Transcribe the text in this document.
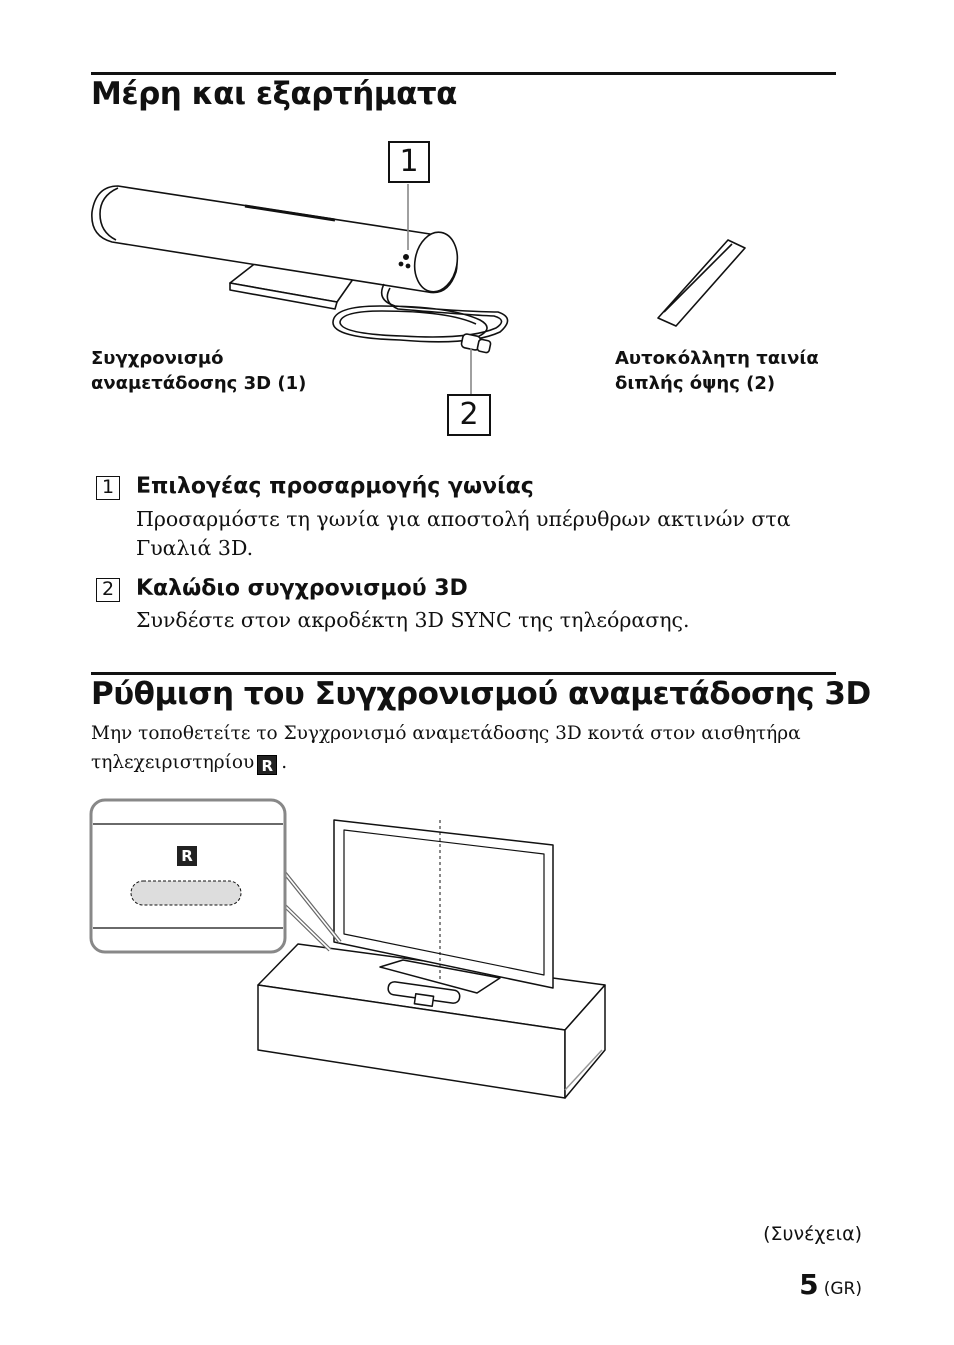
Μέρη και εξαρτήματα
1
2
Συγχρονισμό
αναμετάδοσης 3D (1)
Αυτοκόλλητη ταινία
διπλής όψης (2)
1 Επιλογέας προσαρμογής γωνίας
Προσαρμόστε τη γωνία για αποστολή υπέρυθρων ακτινών στα
Γυαλιά 3D.
2 Καλώδιο συγχρονισμού 3D
Συνδέστε στον ακροδέκτη 3D SYNC της τηλεόρασης.
Ρύθμιση του Συγχρονισμού αναμετάδοσης 3D
Μην τοποθετείτε το Συγχρονισμό αναμετάδοσης 3D κοντά στον αισθητήρα
τηλεχειριστηρίου R .
R
(Συνέχεια)
5 (GR)
